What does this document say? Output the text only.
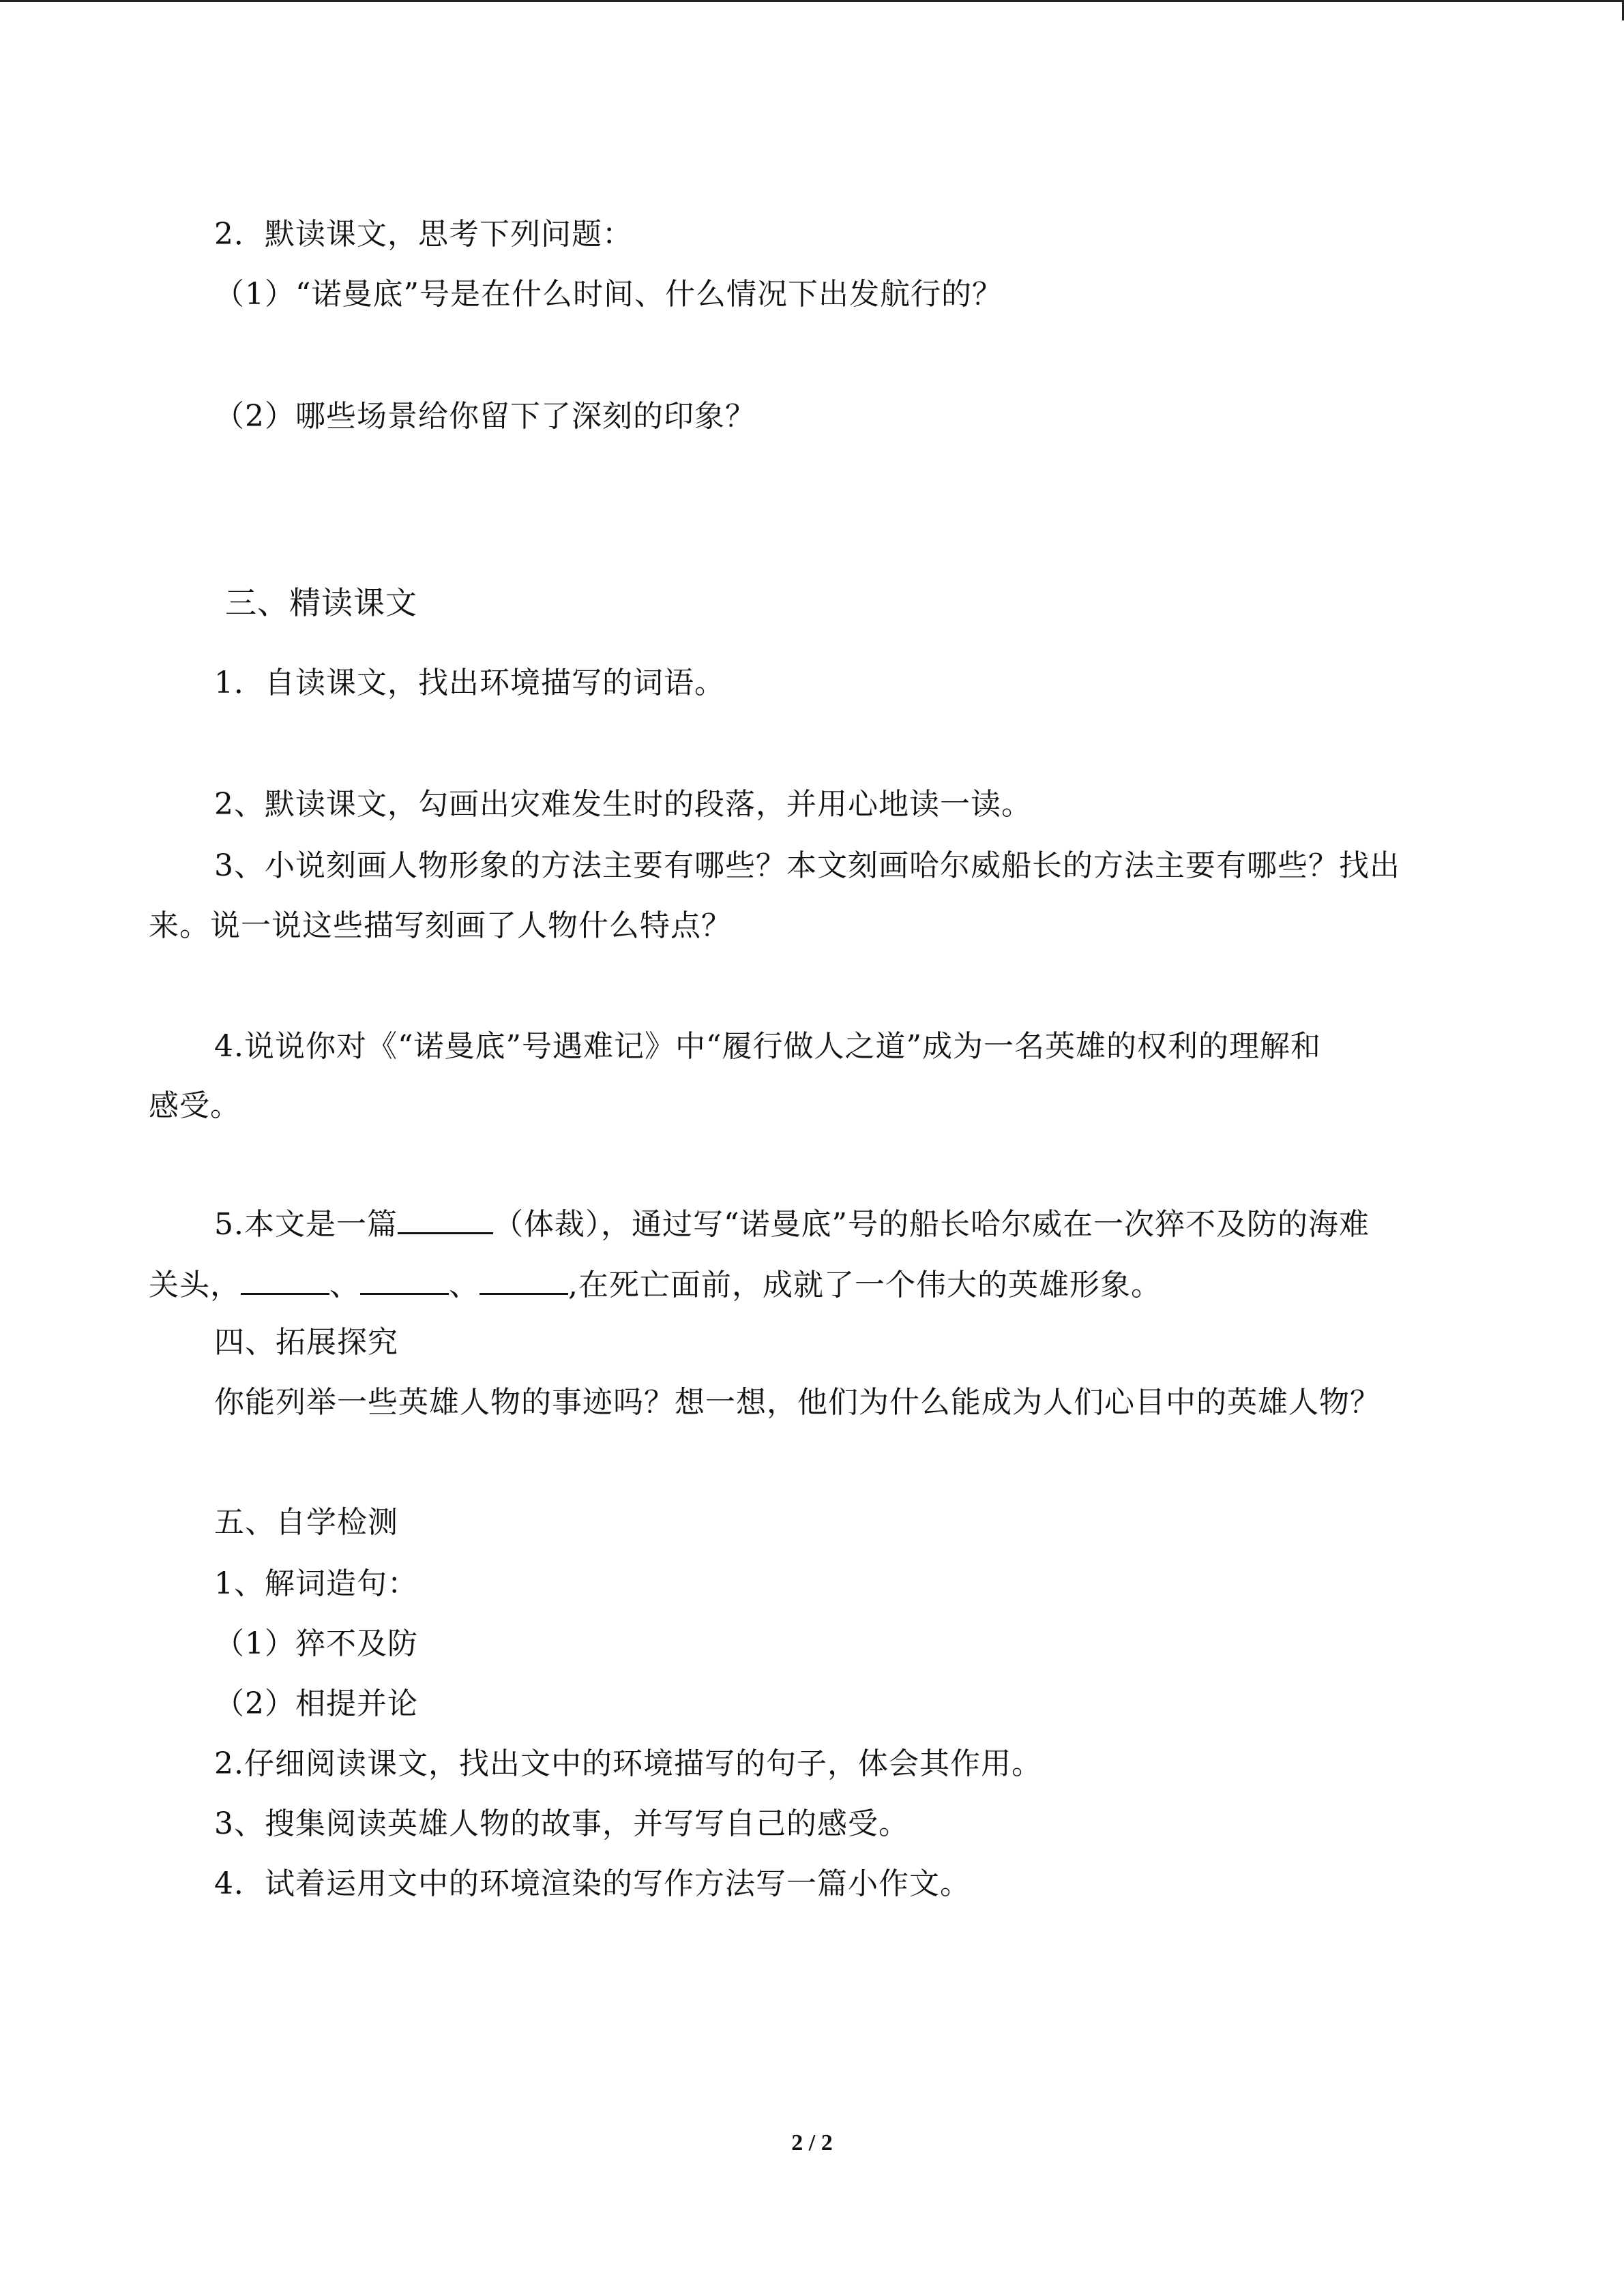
2．默读课文，思考下列问题：
（1）“诺曼底”号是在什么时间、什么情况下出发航行的？
（2）哪些场景给你留下了深刻的印象？
三、精读课文
1．自读课文，找出环境描写的词语。
2、默读课文，勾画出灾难发生时的段落，并用心地读一读。
3、小说刻画人物形象的方法主要有哪些？本文刻画哈尔威船长的方法主要有哪些？找出
来。说一说这些描写刻画了人物什么特点？
4.说说你对《“诺曼底”号遇难记》中“履行做人之道”成为一名英雄的权利的理解和
感受。
5.本文是一篇	（体裁），通过写“诺曼底”号的船长哈尔威在一次猝不及防的海难
关头，	、	、	,在死亡面前，成就了一个伟大的英雄形象。
四、拓展探究
你能列举一些英雄人物的事迹吗？想一想，他们为什么能成为人们心目中的英雄人物？
五、自学检测
1、解词造句：
（1）猝不及防
（2）相提并论
2.仔细阅读课文，找出文中的环境描写的句子，体会其作用。
3、搜集阅读英雄人物的故事，并写写自己的感受。
4．试着运用文中的环境渲染的写作方法写一篇小作文。
2 / 2
